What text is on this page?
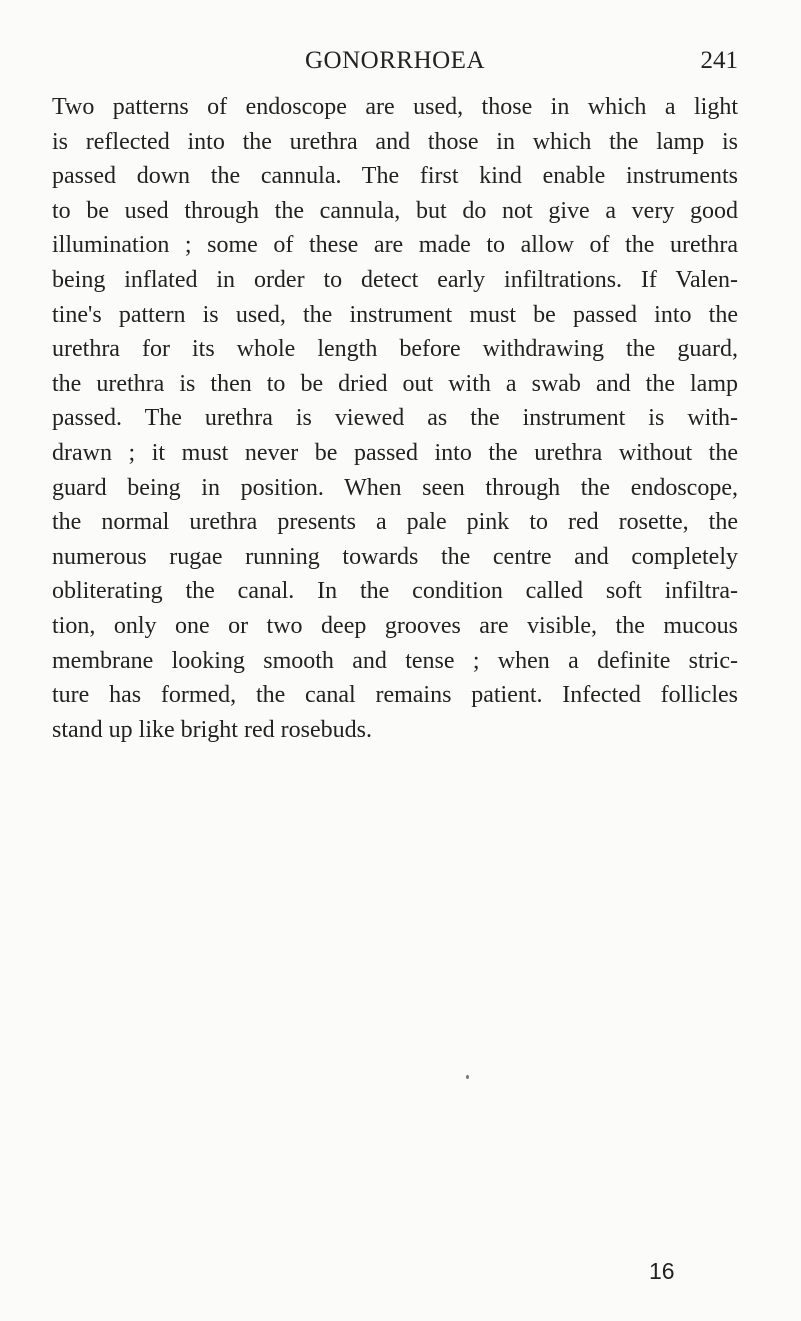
GONORRHOEA	241
Two patterns of endoscope are used, those in which a light
is reflected into the urethra and those in which the lamp is
passed down the cannula. The first kind enable instruments
to be used through the cannula, but do not give a very good
illumination ; some of these are made to allow of the urethra
being inflated in order to detect early infiltrations. If Valen-
tine's pattern is used, the instrument must be passed into the
urethra for its whole length before withdrawing the guard,
the urethra is then to be dried out with a swab and the lamp
passed. The urethra is viewed as the instrument is with-
drawn ; it must never be passed into the urethra without the
guard being in position. When seen through the endoscope,
the normal urethra presents a pale pink to red rosette, the
numerous rugae running towards the centre and completely
obliterating the canal. In the condition called soft infiltra-
tion, only one or two deep grooves are visible, the mucous
membrane looking smooth and tense ; when a definite stric-
ture has formed, the canal remains patient. Infected follicles
stand up like bright red rosebuds.
16
